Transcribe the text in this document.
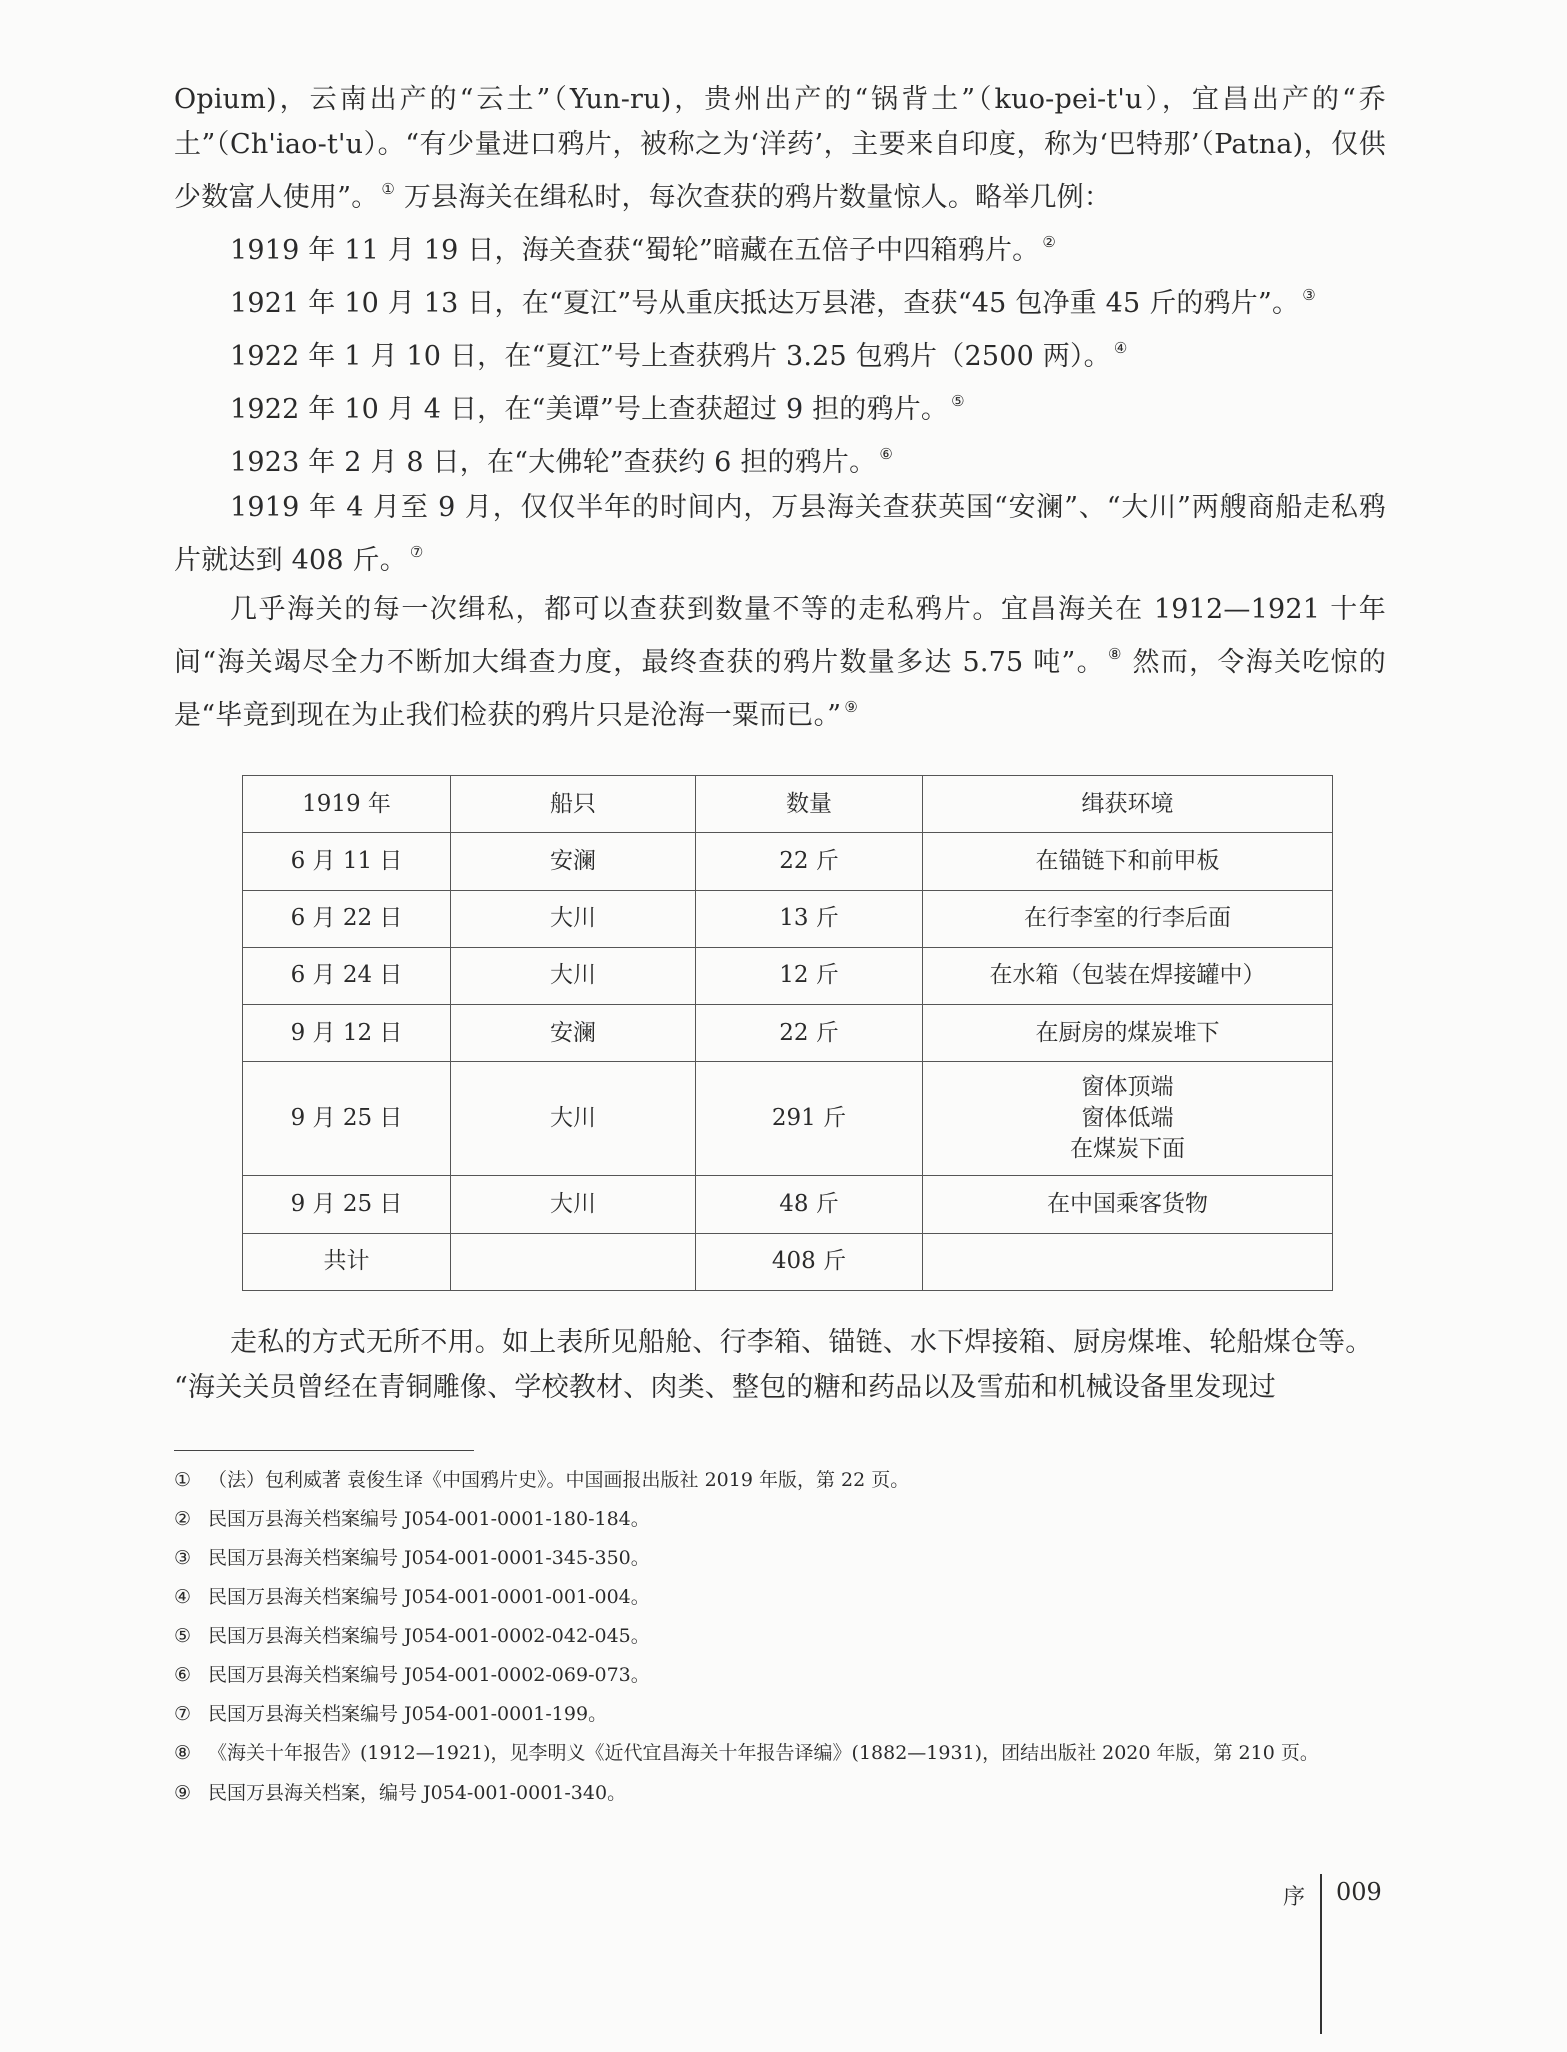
Opium)，云南出产的“云土”（Yun-ru)，贵州出产的“锅背土”（kuo-pei-t'u），宜昌出产的“乔土”（Ch'iao-t'u）。“有少量进口鸦片，被称之为‘洋药’，主要来自印度，称为‘巴特那’（Patna)，仅供少数富人使用”。 ① 万县海关在缉私时，每次查获的鸦片数量惊人。略举几例：

1919 年 11 月 19 日，海关查获“蜀轮”暗藏在五倍子中四箱鸦片。 ②

1921 年 10 月 13 日，在“夏江”号从重庆抵达万县港，查获“45 包净重 45 斤的鸦片”。 ③

1922 年 1 月 10 日，在“夏江”号上查获鸦片 3.25 包鸦片（2500 两）。 ④

1922 年 10 月 4 日，在“美谭”号上查获超过 9 担的鸦片。 ⑤

1923 年 2 月 8 日，在“大佛轮”查获约 6 担的鸦片。 ⑥

1919 年 4 月至 9 月，仅仅半年的时间内，万县海关查获英国“安澜”、“大川”两艘商船走私鸦片就达到 408 斤。 ⑦

几乎海关的每一次缉私，都可以查获到数量不等的走私鸦片。宜昌海关在 1912—1921 十年间“海关竭尽全力不断加大缉查力度，最终查获的鸦片数量多达 5.75 吨”。 ⑧ 然而，令海关吃惊的是“毕竟到现在为止我们检获的鸦片只是沧海一粟而已。” ⑨

1919 年	船只	数量	缉获环境
6 月 11 日	安澜	22 斤	在锚链下和前甲板
6 月 22 日	大川	13 斤	在行李室的行李后面
6 月 24 日	大川	12 斤	在水箱（包装在焊接罐中）
9 月 12 日	安澜	22 斤	在厨房的煤炭堆下
9 月 25 日	大川	291 斤	窗体顶端
窗体低端
在煤炭下面

9 月 25 日	大川	48 斤	在中国乘客货物
共计		408 斤	

走私的方式无所不用。如上表所见船舱、行李箱、锚链、水下焊接箱、厨房煤堆、轮船煤仓等。

“海关关员曾经在青铜雕像、学校教材、肉类、整包的糖和药品以及雪茄和机械设备里发现过

① （法）包利威著 袁俊生译《中国鸦片史》。中国画报出版社 2019 年版，第 22 页。

② 民国万县海关档案编号 J054-001-0001-180-184。

③ 民国万县海关档案编号 J054-001-0001-345-350。

④ 民国万县海关档案编号 J054-001-0001-001-004。

⑤ 民国万县海关档案编号 J054-001-0002-042-045。

⑥ 民国万县海关档案编号 J054-001-0002-069-073。

⑦ 民国万县海关档案编号 J054-001-0001-199。

⑧ 《海关十年报告》(1912—1921)，见李明义《近代宜昌海关十年报告译编》(1882—1931)，团结出版社 2020 年版，第 210 页。

⑨ 民国万县海关档案，编号 J054-001-0001-340。

序 009
